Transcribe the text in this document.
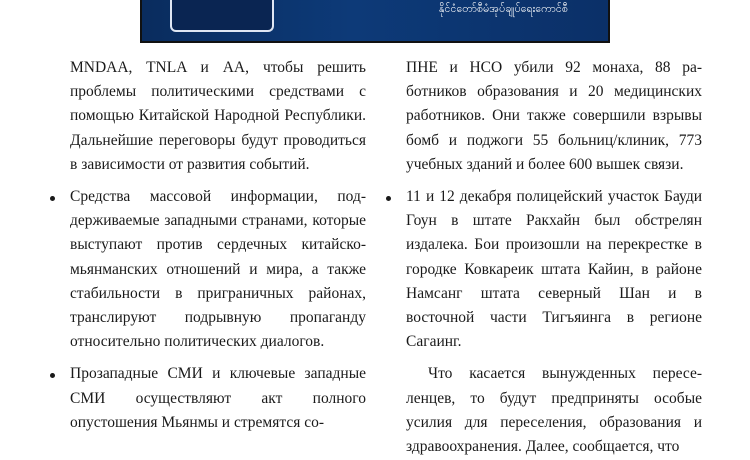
နိုင်ငံတော်စီမံအုပ်ချုပ်ရေးကောင်စီ

MNDAA, TNLA и AA, чтобы решить проблемы политическими средствами с помощью Китайской Народной Республики. Дальнейшие переговоры будут проводиться в зависимости от развития событий.

Средства массовой информации, поддерживаемые западными странами, которые выступают против сердечных китайско-мьянманских отношений и мира, а также стабильности в приграничных районах, транслируют подрывную пропаганду относительно политических диалогов.

Прозападные СМИ и ключевые западные СМИ осуществляют акт полного опустошения Мьянмы и стремятся со-

ПНЕ и НСО убили 92 монаха, 88 работников образования и 20 медицинских работников. Они также совершили взрывы бомб и поджоги 55 больниц/клиник, 773 учебных зданий и более 600 вышек связи.

11 и 12 декабря полицейский участок Бауди Гоун в штате Ракхайн был обстрелян издалека. Бои произошли на перекрестке в городке Ковкареик штата Кайин, в районе Намсанг штата северный Шан и в восточной части Тигъяинга в регионе Сагаинг.

Что касается вынужденных переселенцев, то будут предприняты особые усилия для переселения, образования и здравоохранения. Далее, сообщается, что
